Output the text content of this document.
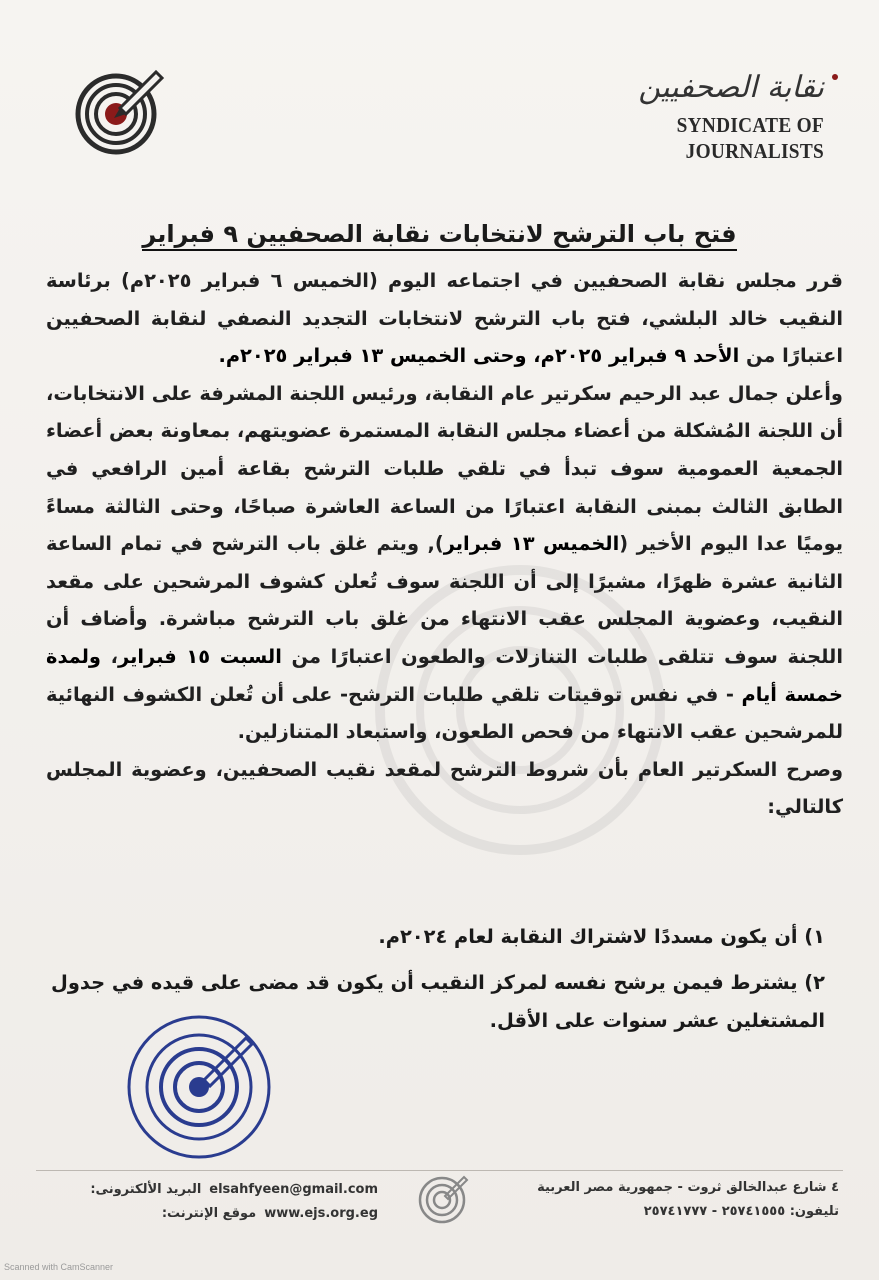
نقابة الصحفيين
SYNDICATE OF JOURNALISTS
فتح باب الترشح لانتخابات نقابة الصحفيين ٩ فبراير

قرر مجلس نقابة الصحفيين في اجتماعه اليوم (الخميس ٦ فبراير ٢٠٢٥م) برئاسة النقيب خالد البلشي، فتح باب الترشح لانتخابات التجديد النصفي لنقابة الصحفيين اعتبارًا من الأحد ٩ فبراير ٢٠٢٥م، وحتى الخميس ١٣ فبراير ٢٠٢٥م.

وأعلن جمال عبد الرحيم سكرتير عام النقابة، ورئيس اللجنة المشرفة على الانتخابات، أن اللجنة المُشكلة من أعضاء مجلس النقابة المستمرة عضويتهم، بمعاونة بعض أعضاء الجمعية العمومية سوف تبدأ في تلقي طلبات الترشح بقاعة أمين الرافعي في الطابق الثالث بمبنى النقابة اعتبارًا من الساعة العاشرة صباحًا، وحتى الثالثة مساءً يوميًا عدا اليوم الأخير (الخميس ١٣ فبراير), ويتم غلق باب الترشح في تمام الساعة الثانية عشرة ظهرًا، مشيرًا إلى أن اللجنة سوف تُعلن كشوف المرشحين على مقعد النقيب، وعضوية المجلس عقب الانتهاء من غلق باب الترشح مباشرة. وأضاف أن اللجنة سوف تتلقى طلبات التنازلات والطعون اعتبارًا من السبت ١٥ فبراير، ولمدة خمسة أيام - في نفس توقيتات تلقي طلبات الترشح- على أن تُعلن الكشوف النهائية للمرشحين عقب الانتهاء من فحص الطعون، واستبعاد المتنازلين.

وصرح السكرتير العام بأن شروط الترشح لمقعد نقيب الصحفيين، وعضوية المجلس كالتالي:

١) أن يكون مسددًا لاشتراك النقابة لعام ٢٠٢٤م.
٢) يشترط فيمن يرشح نفسه لمركز النقيب أن يكون قد مضى على قيده في جدول المشتغلين عشر سنوات على الأقل.
elsahfyeen@gmail.com
البريد الألكترونى:
www.ejs.org.eg
موقع الإنترنت:
٤ شارع عبدالخالق ثروت - جمهورية مصر العربية
تليفون: ٢٥٧٤١٥٥٥ - ٢٥٧٤١٧٧٧
Scanned with CamScanner
